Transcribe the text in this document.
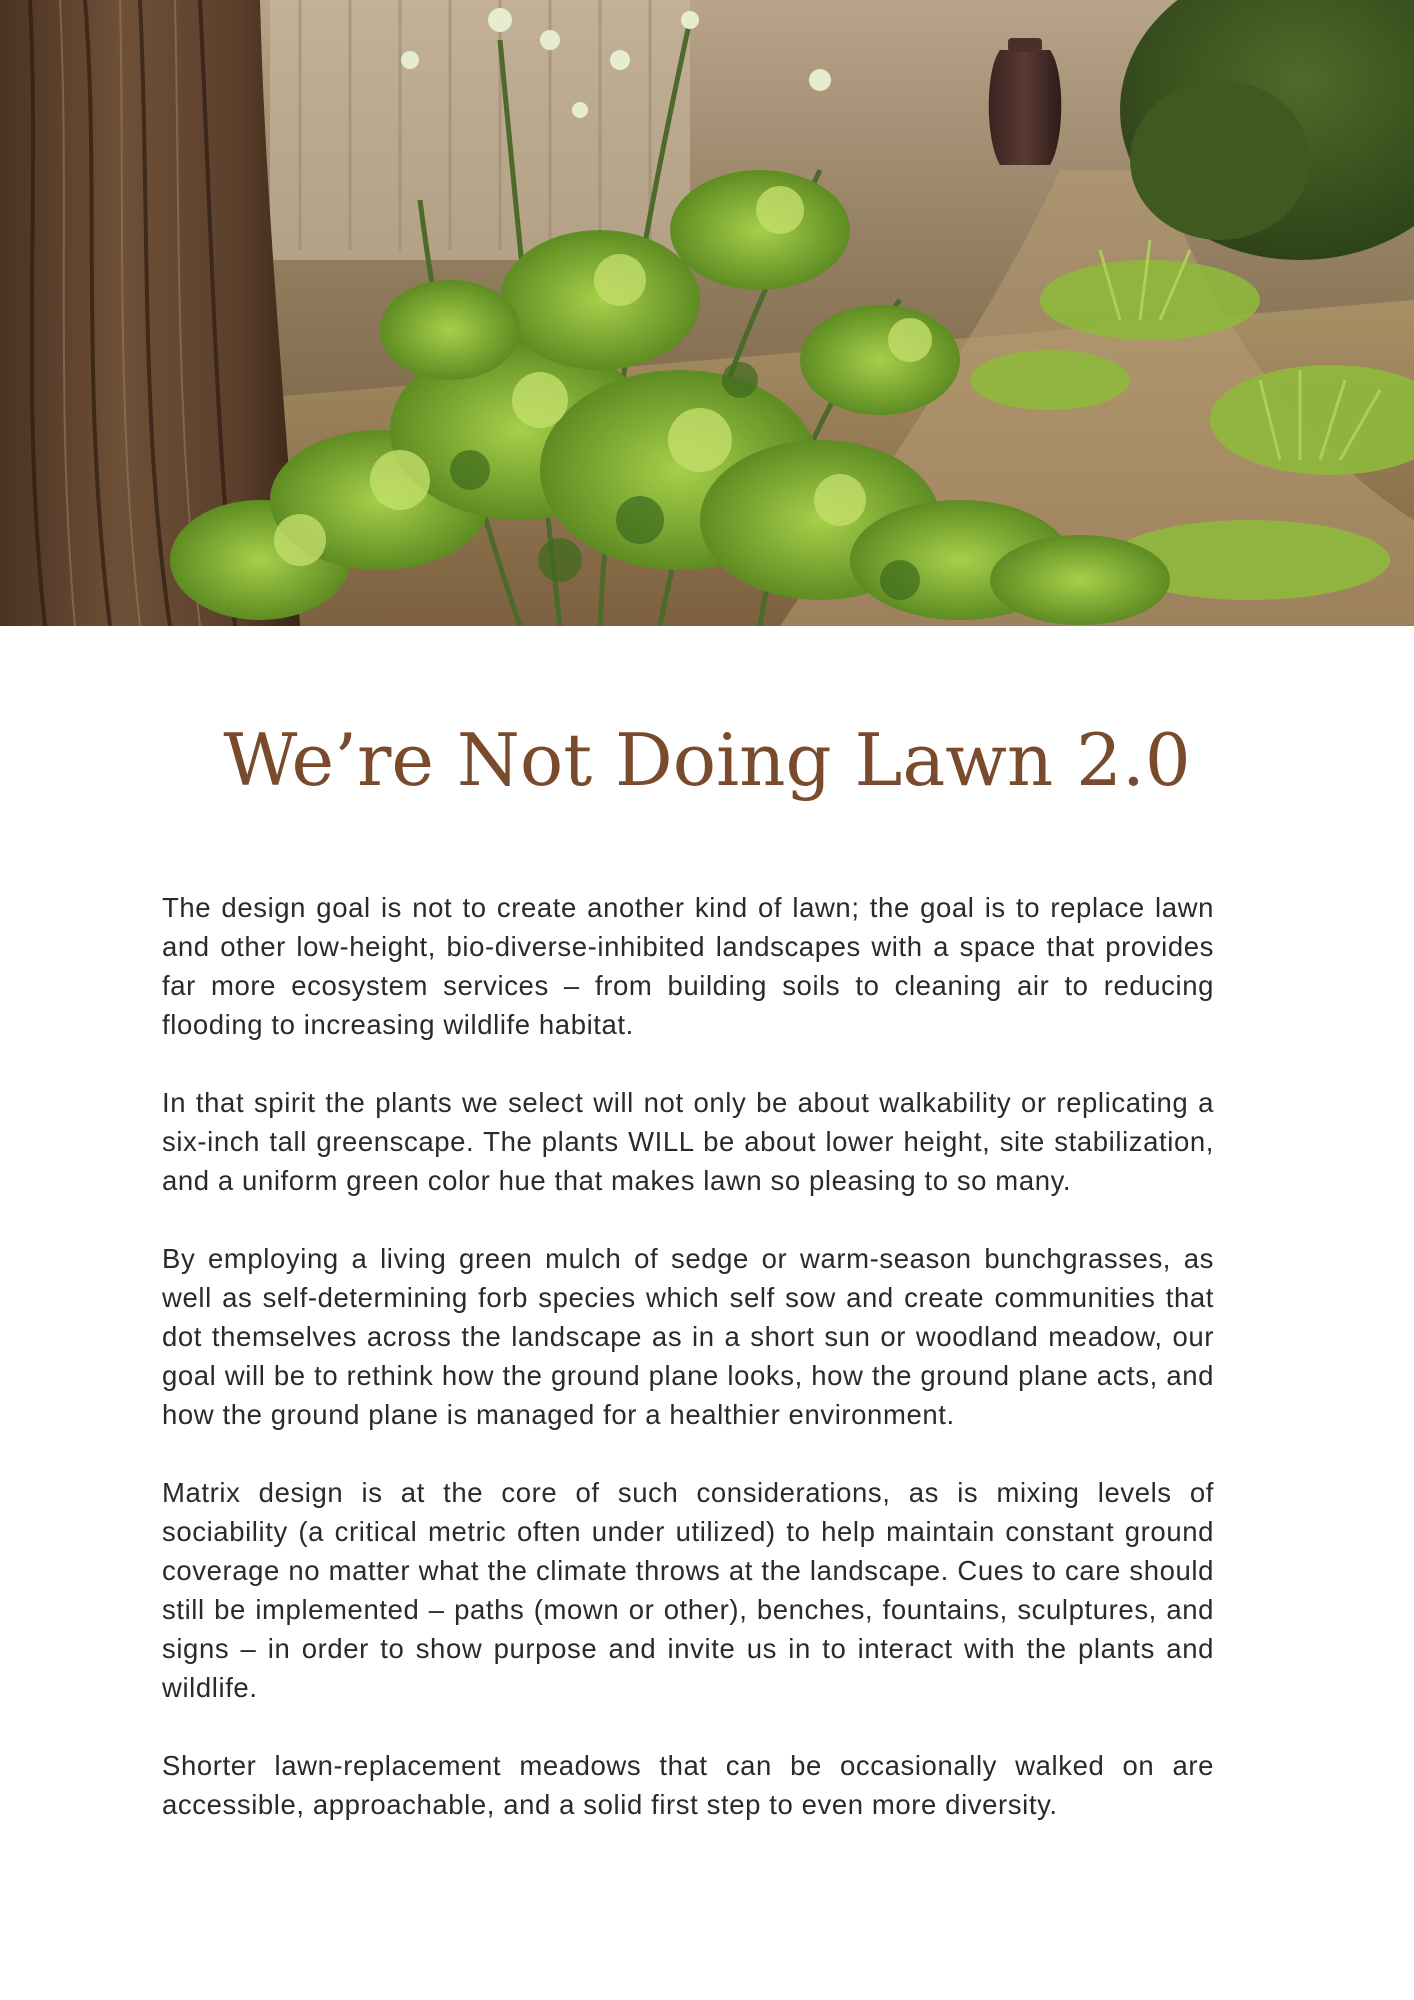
We’re Not Doing Lawn 2.0

The design goal is not to create another kind of lawn; the goal is to replace lawn and other low-height, bio-diverse-inhibited landscapes with a space that provides far more ecosystem services – from building soils to cleaning air to reducing flooding to increasing wildlife habitat.

In that spirit the plants we select will not only be about walkability or replicating a six-inch tall greenscape. The plants WILL be about lower height, site stabilization, and a uniform green color hue that makes lawn so pleasing to so many.

By employing a living green mulch of sedge or warm-season bunchgrasses, as well as self-determining forb species which self sow and create communities that dot themselves across the landscape as in a short sun or woodland meadow, our goal will be to rethink how the ground plane looks, how the ground plane acts, and how the ground plane is managed for a healthier environment.

Matrix design is at the core of such considerations, as is mixing levels of sociability (a critical metric often under utilized) to help maintain constant ground coverage no matter what the climate throws at the landscape. Cues to care should still be implemented – paths (mown or other), benches, fountains, sculptures, and signs – in order to show purpose and invite us in to interact with the plants and wildlife.

Shorter lawn-replacement meadows that can be occasionally walked on are accessible, approachable, and a solid first step to even more diversity.
